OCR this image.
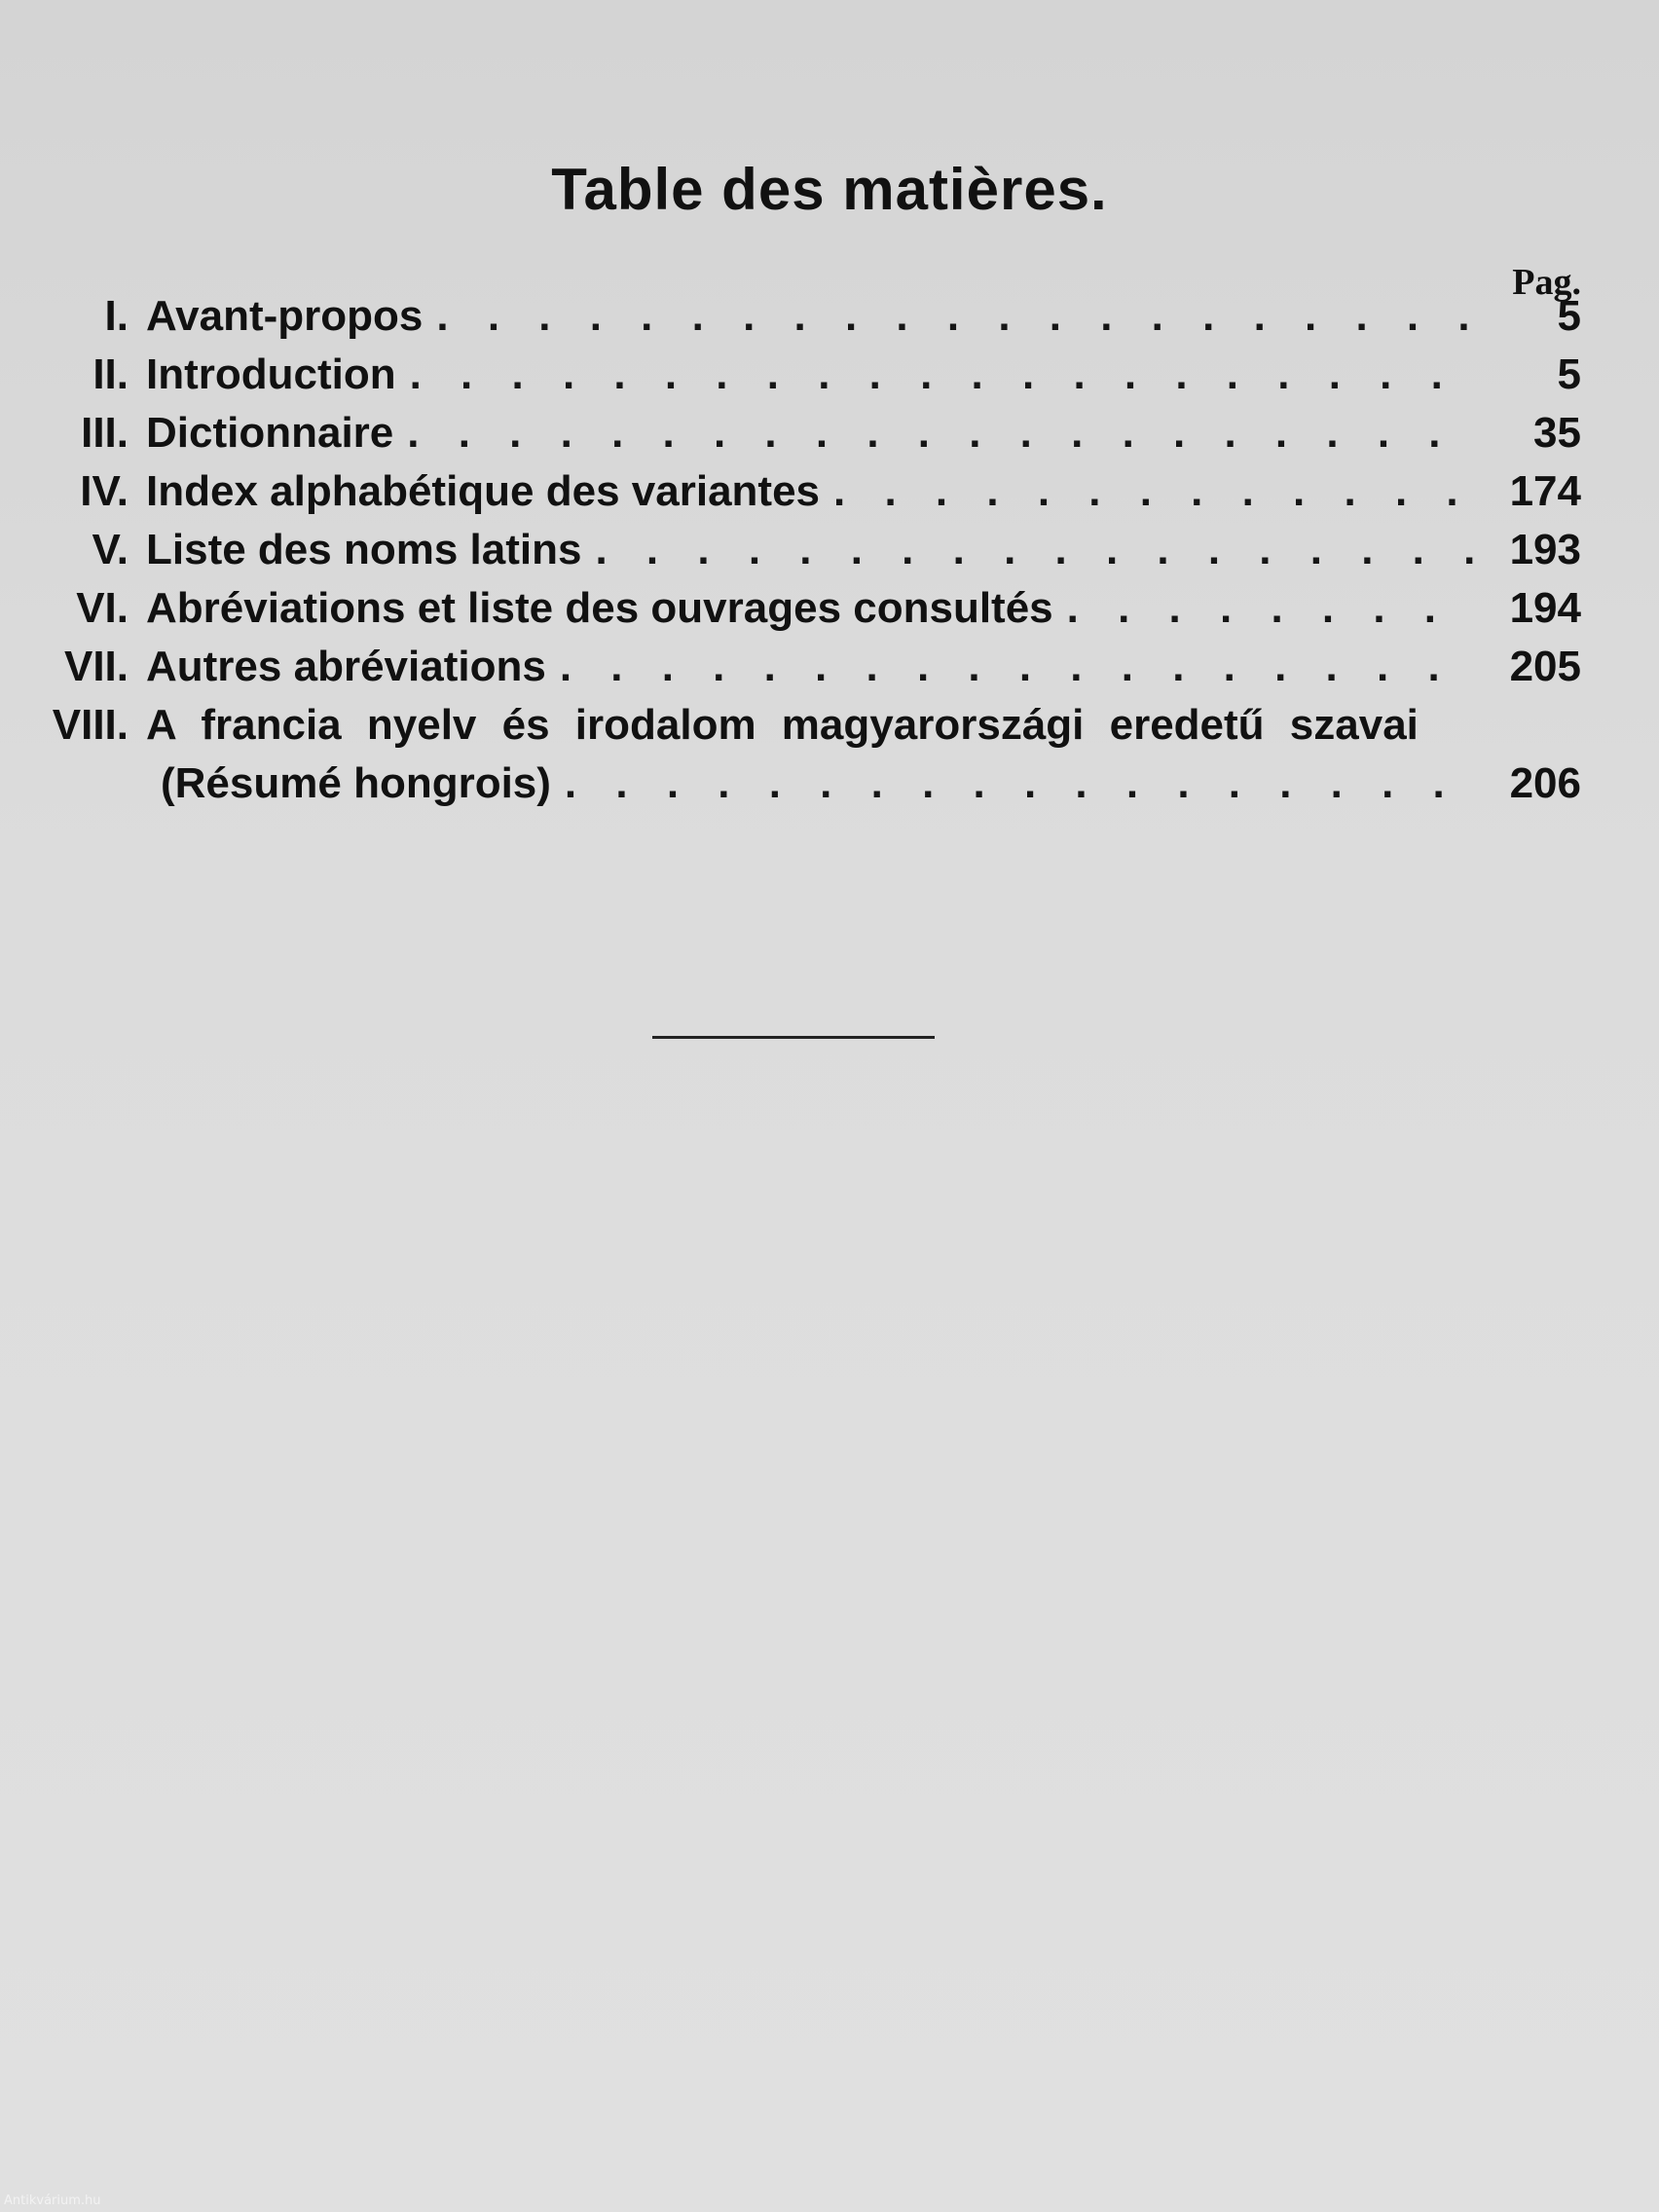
Table des matières.
Pag.
I. Avant-propos . . .	5
II. Introduction . . .	5
III. Dictionnaire . . .	35
IV. Index alphabétique des variantes . . .	174
V. Liste des noms latins . . .	193
VI. Abréviations et liste des ouvrages consultés . . .	194
VII. Autres abréviations . . .	205
VIII. A francia nyelv és irodalom magyarországi eredetű szavai
(Résumé hongrois) . . .	206
Antikvárium.hu
